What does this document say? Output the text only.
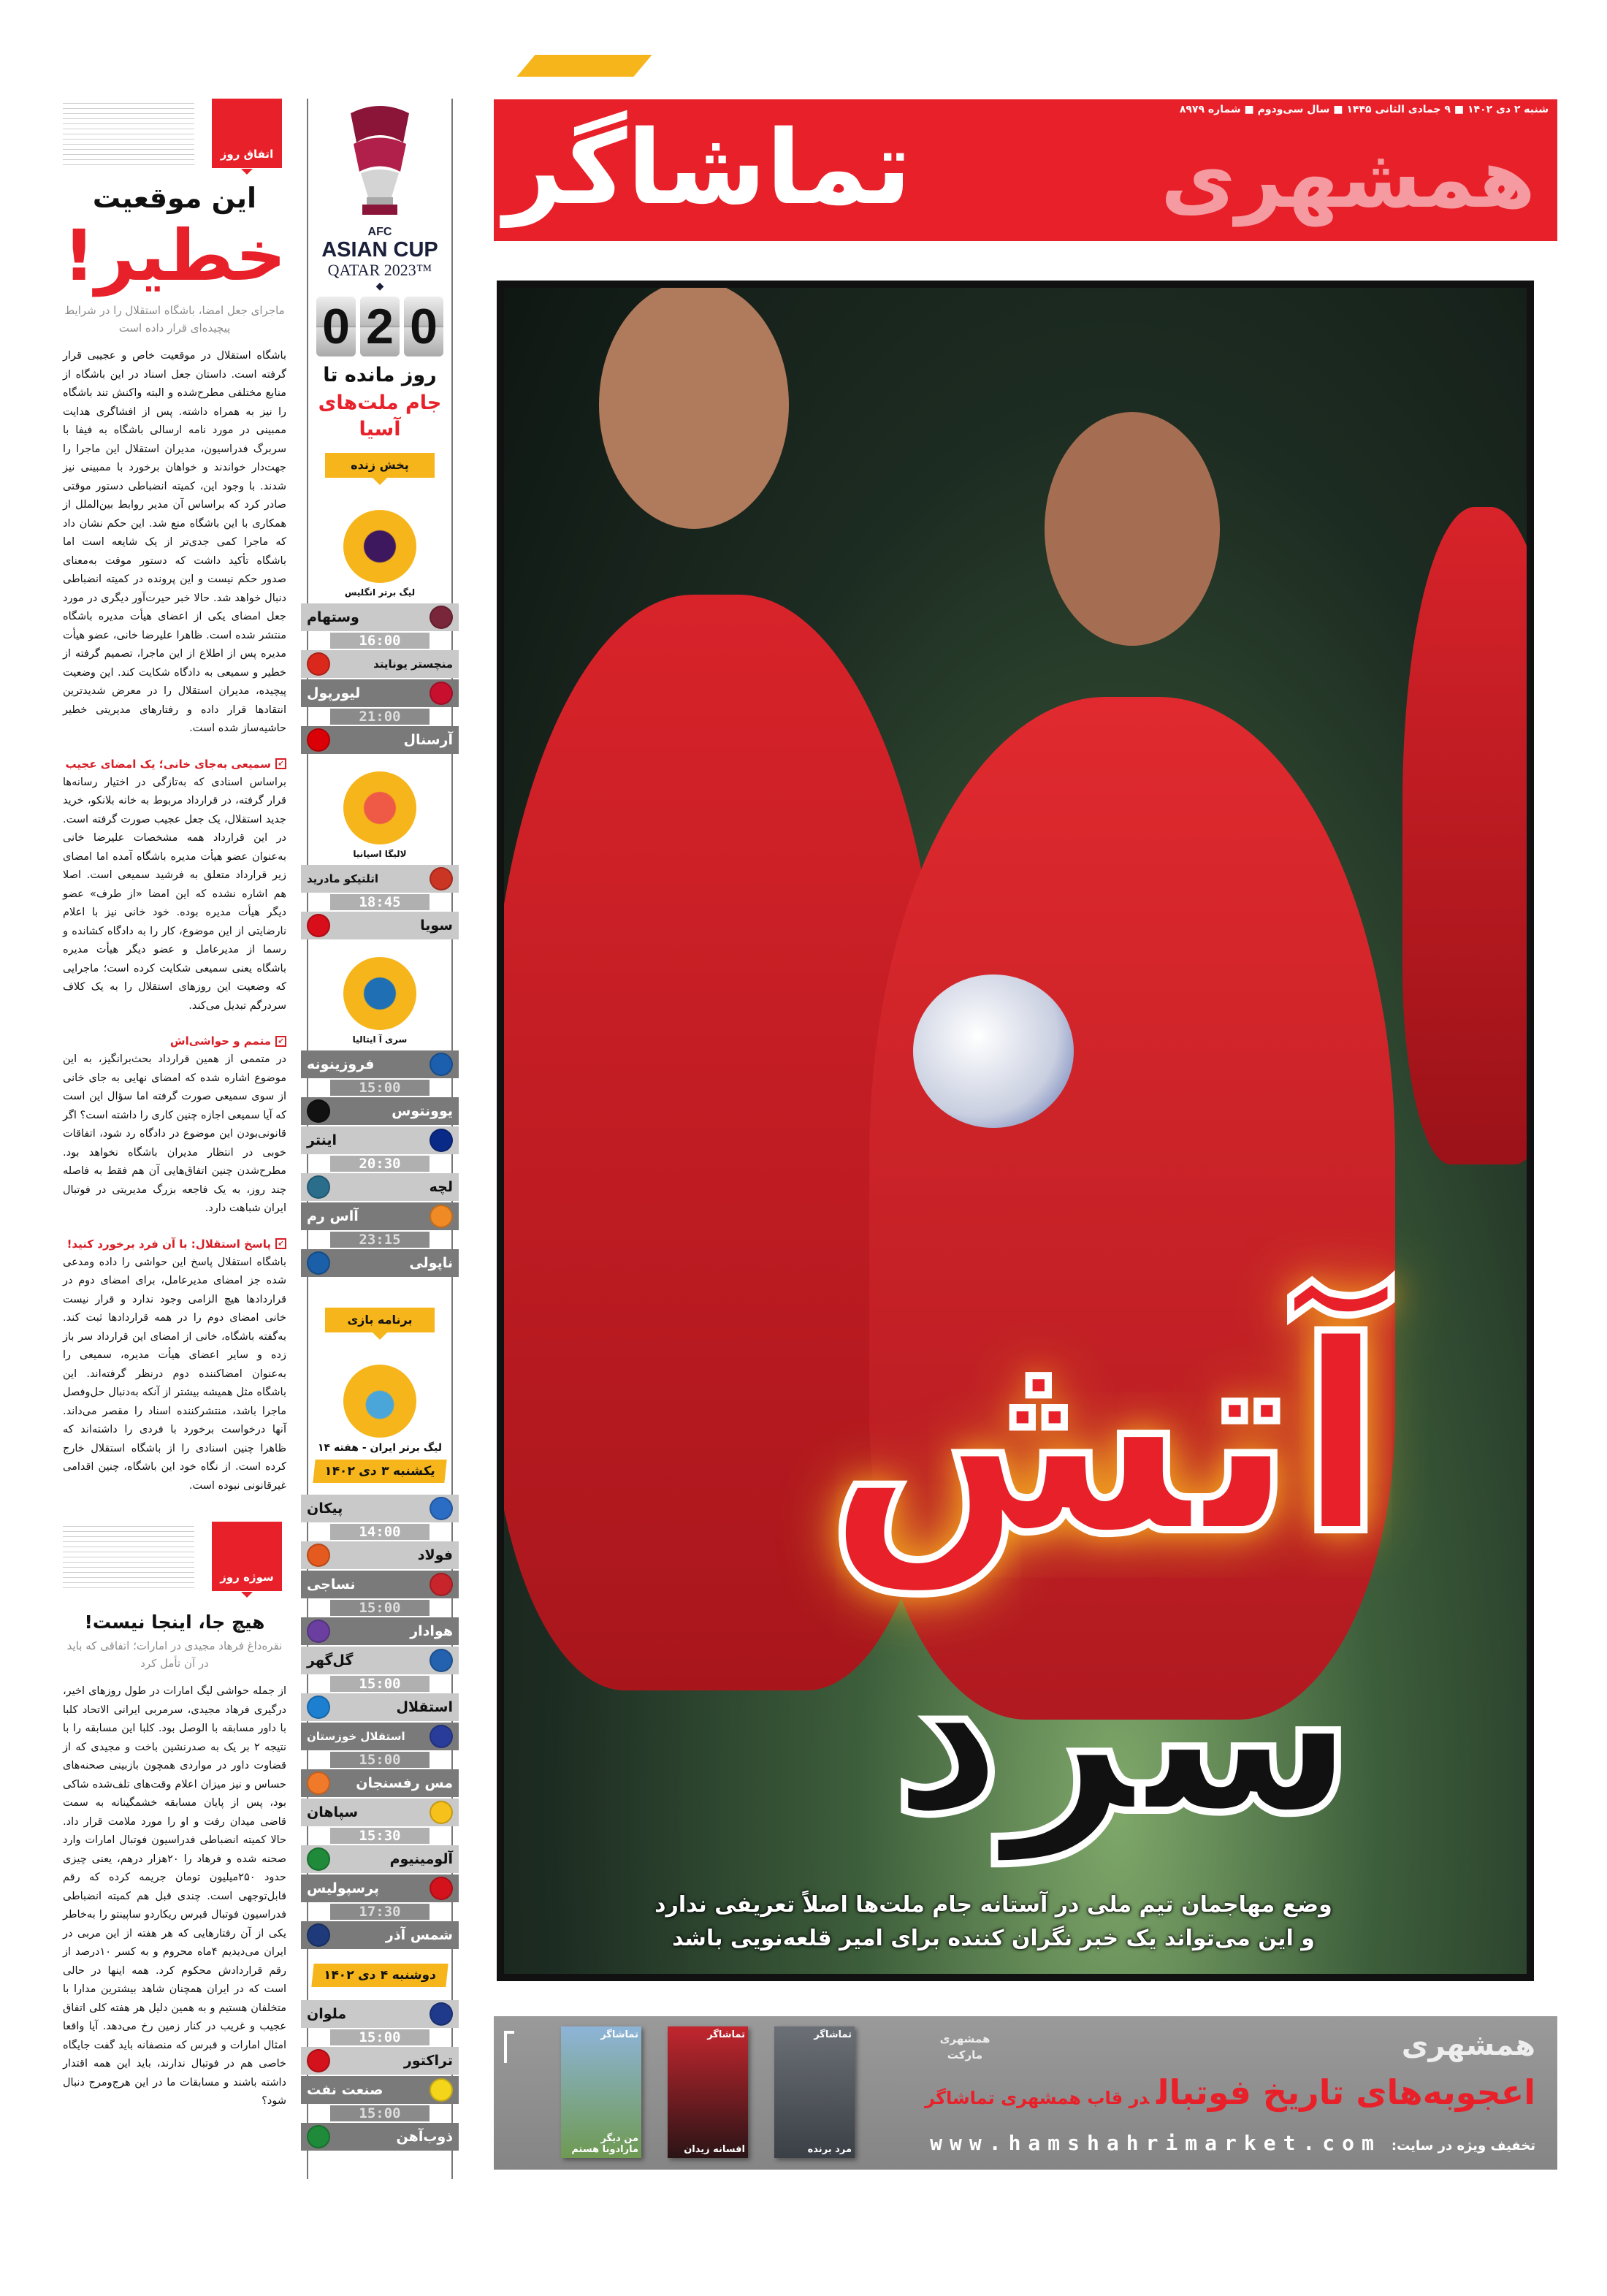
شنبه ۲ دی ۱۴۰۲ ■ ۹ جمادی الثانی ۱۴۴۵ ■ سال سی‌ودوم ■ شماره ۸۹۷۹
همشهری
تماشاگر
اتفاق روز
این موقعیت
خطیر!
ماجرای جعل امضا، باشگاه استقلال را در شرایط پیچیده‌ای قرار داده است

باشگاه استقلال در موقعیت خاص و عجیبی قرار گرفته است. داستان جعل اسناد در این باشگاه از منابع مختلفی مطرح‌شده و البته واکنش تند باشگاه را نیز به همراه داشته. پس از افشاگری هدایت ممبینی در مورد نامه ارسالی باشگاه به فیفا با سربرگ فدراسیون، مدیران استقلال این ماجرا را جهت‌دار خواندند و خواهان برخورد با ممبینی نیز شدند. با وجود این، کمیته انضباطی دستور موقتی صادر کرد که براساس آن مدیر روابط بین‌الملل از همکاری با این باشگاه منع شد. این حکم نشان داد که ماجرا کمی جدی‌تر از یک شایعه است اما باشگاه تأکید داشت که دستور موقت به‌معنای صدور حکم نیست و این پرونده در کمیته انضباطی دنبال خواهد شد. حالا خبر حیرت‌آور دیگری در مورد جعل امضای یکی از اعضای هیأت مدیره باشگاه منتشر شده است. ظاهرا علیرضا خانی، عضو هیأت مدیره پس از اطلاع از این ماجرا، تصمیم گرفته از خطیر و سمیعی به دادگاه شکایت کند. این وضعیت پیچیده، مدیران استقلال را در معرض شدیدترین انتقادها قرار داده و رفتارهای مدیریتی خطیر حاشیه‌ساز شده است.

↙
سمیعی به‌جای خانی؛ یک امضای عجیب

براساس اسنادی که به‌تازگی در اختیار رسانه‌ها قرار گرفته، در قرارداد مربوط به خانه بلانکو، خرید جدید استقلال، یک جعل عجیب صورت گرفته است. در این قرارداد همه مشخصات علیرضا خانی به‌عنوان عضو هیأت مدیره باشگاه آمده اما امضای زیر قرارداد متعلق به فرشید سمیعی است. اصلا هم اشاره نشده که این امضا «از طرف» عضو دیگر هیأت مدیره بوده. خود خانی نیز با اعلام نارضایتی از این موضوع، کار را به دادگاه کشانده و رسما از مدیرعامل و عضو دیگر هیأت مدیره باشگاه یعنی سمیعی شکایت کرده است؛ ماجرایی که وضعیت این روزهای استقلال را به یک کلاف سردرگم تبدیل می‌کند.

↙
متمم و حواشی‌اش

در متممی از همین قرارداد بحث‌برانگیز، به این موضوع اشاره شده که امضای نهایی به جای خانی از سوی سمیعی صورت گرفته اما سؤال این است که آیا سمیعی اجازه چنین کاری را داشته است؟ اگر قانونی‌بودن این موضوع در دادگاه رد شود، اتفاقات خوبی در انتظار مدیران باشگاه نخواهد بود. مطرح‌شدن چنین اتفاق‌هایی آن هم فقط به فاصله چند روز، به یک فاجعه بزرگ مدیریتی در فوتبال ایران شباهت دارد.

↙
پاسخ استقلال: با آن فرد برخورد کنید!

باشگاه استقلال پاسخ این حواشی را داده ومدعی شده جز امضای مدیرعامل، برای امضای دوم در قراردادها هیچ الزامی وجود ندارد و قرار نیست خانی امضای دوم را در همه قراردادها ثبت کند. به‌گفته باشگاه، خانی از امضای این قرارداد سر باز زده و سایر اعضای هیأت مدیره، سمیعی را به‌عنوان امضاکننده دوم درنظر گرفته‌اند. این باشگاه مثل همیشه بیشتر از آنکه به‌دنبال حل‌وفصل ماجرا باشد، منتشرکننده اسناد را مقصر می‌داند. آنها درخواست برخورد با فردی را داشته‌اند که ظاهرا چنین اسنادی را از باشگاه استقلال خارج کرده است. از نگاه خود این باشگاه، چنین اقدامی غیرقانونی نبوده است.

سوژه روز
هیچ جا، اینجا نیست!
نقره‌داغ فرهاد مجیدی در امارات؛ اتفاقی که باید در آن تأمل کرد

از جمله حواشی لیگ امارات در طول روزهای اخیر، درگیری فرهاد مجیدی، سرمربی ایرانی الاتحاد کلبا با داور مسابقه با الوصل بود. کلبا این مسابقه را با نتیجه ۲ بر یک به صدرنشین باخت و مجیدی که از قضاوت داور در مواردی همچون بازبینی صحنه‌های حساس و نیز میزان اعلام وقت‌های تلف‌شده شاکی بود، پس از پایان مسابقه خشمگینانه به سمت قاضی میدان رفت و او را مورد ملامت قرار داد. حالا کمیته انضباطی فدراسیون فوتبال امارات وارد صحنه شده و فرهاد را ۲۰هزار درهم، یعنی چیزی حدود ۲۵۰میلیون تومان جریمه کرده که رقم قابل‌توجهی است. چندی قبل هم کمیته انضباطی فدراسیون فوتبال قبرس ریکاردو ساپینتو را به‌خاطر یکی از آن رفتارهایی که هر هفته از این مربی در ایران می‌دیدیم ۴ماه محروم و به کسر ۱۰درصد از رقم قراردادش محکوم کرد. همه اینها در حالی است که در ایران همچنان شاهد بیشترین مدارا با متخلفان هستیم و به همین دلیل هر هفته کلی اتفاق عجیب و غریب در کنار زمین رخ می‌دهد. آیا واقعا امثال امارات و قبرس که منصفانه باید گفت جایگاه خاصی هم در فوتبال ندارند، باید این همه اقتدار داشته باشند و مسابقات ما در این هرج‌ومرج دنبال شود؟

AFC
ASIAN CUP
QATAR 2023™
◆
0 2 0
روز مانده تا
جام ملت‌های
آسیا
پخش زنده
لیگ برتر انگلیس
وستهام
16:00
منچستر یونایتد
لیورپول
21:00
آرسنال
لالیگا اسپانیا
اتلتیکو مادرید
18:45
سویا
سری آ ایتالیا
فروزینونه
15:00
یوونتوس
اینتر
20:30
لچه
آاس رم
23:15
ناپولی
برنامه بازی
لیگ برتر ایران - هفته ۱۴
یکشنبه ۳ دی ۱۴۰۲
پیکان
14:00
فولاد
نساجی
15:00
هوادار
گل‌گهر
15:00
استقلال
استقلال خوزستان
15:00
مس رفسنجان
سپاهان
15:30
آلومینیوم
پرسپولیس
17:30
شمس آذر
دوشنبه ۴ دی ۱۴۰۲
ملوان
15:00
تراکتور
صنعت نفت
15:00
ذوب‌آهن
آتش
سرد
وضع مهاجمان تیم ملی در آستانه جام ملت‌ها اصلاً تعریفی ندارد
و این می‌تواند یک خبر نگران کننده برای امیر قلعه‌نویی باشد
تماشاگر
مرد برنده
تماشاگر
افسانه زیدان
تماشاگر
من دیگر مارادونا هستم
همشهری
همشهری مارکت
اعجوبه‌های تاریخ فوتبالدر قاب همشهری تماشاگر
تخفیف ویژه در سایت:www.hamshahrimarket.com
